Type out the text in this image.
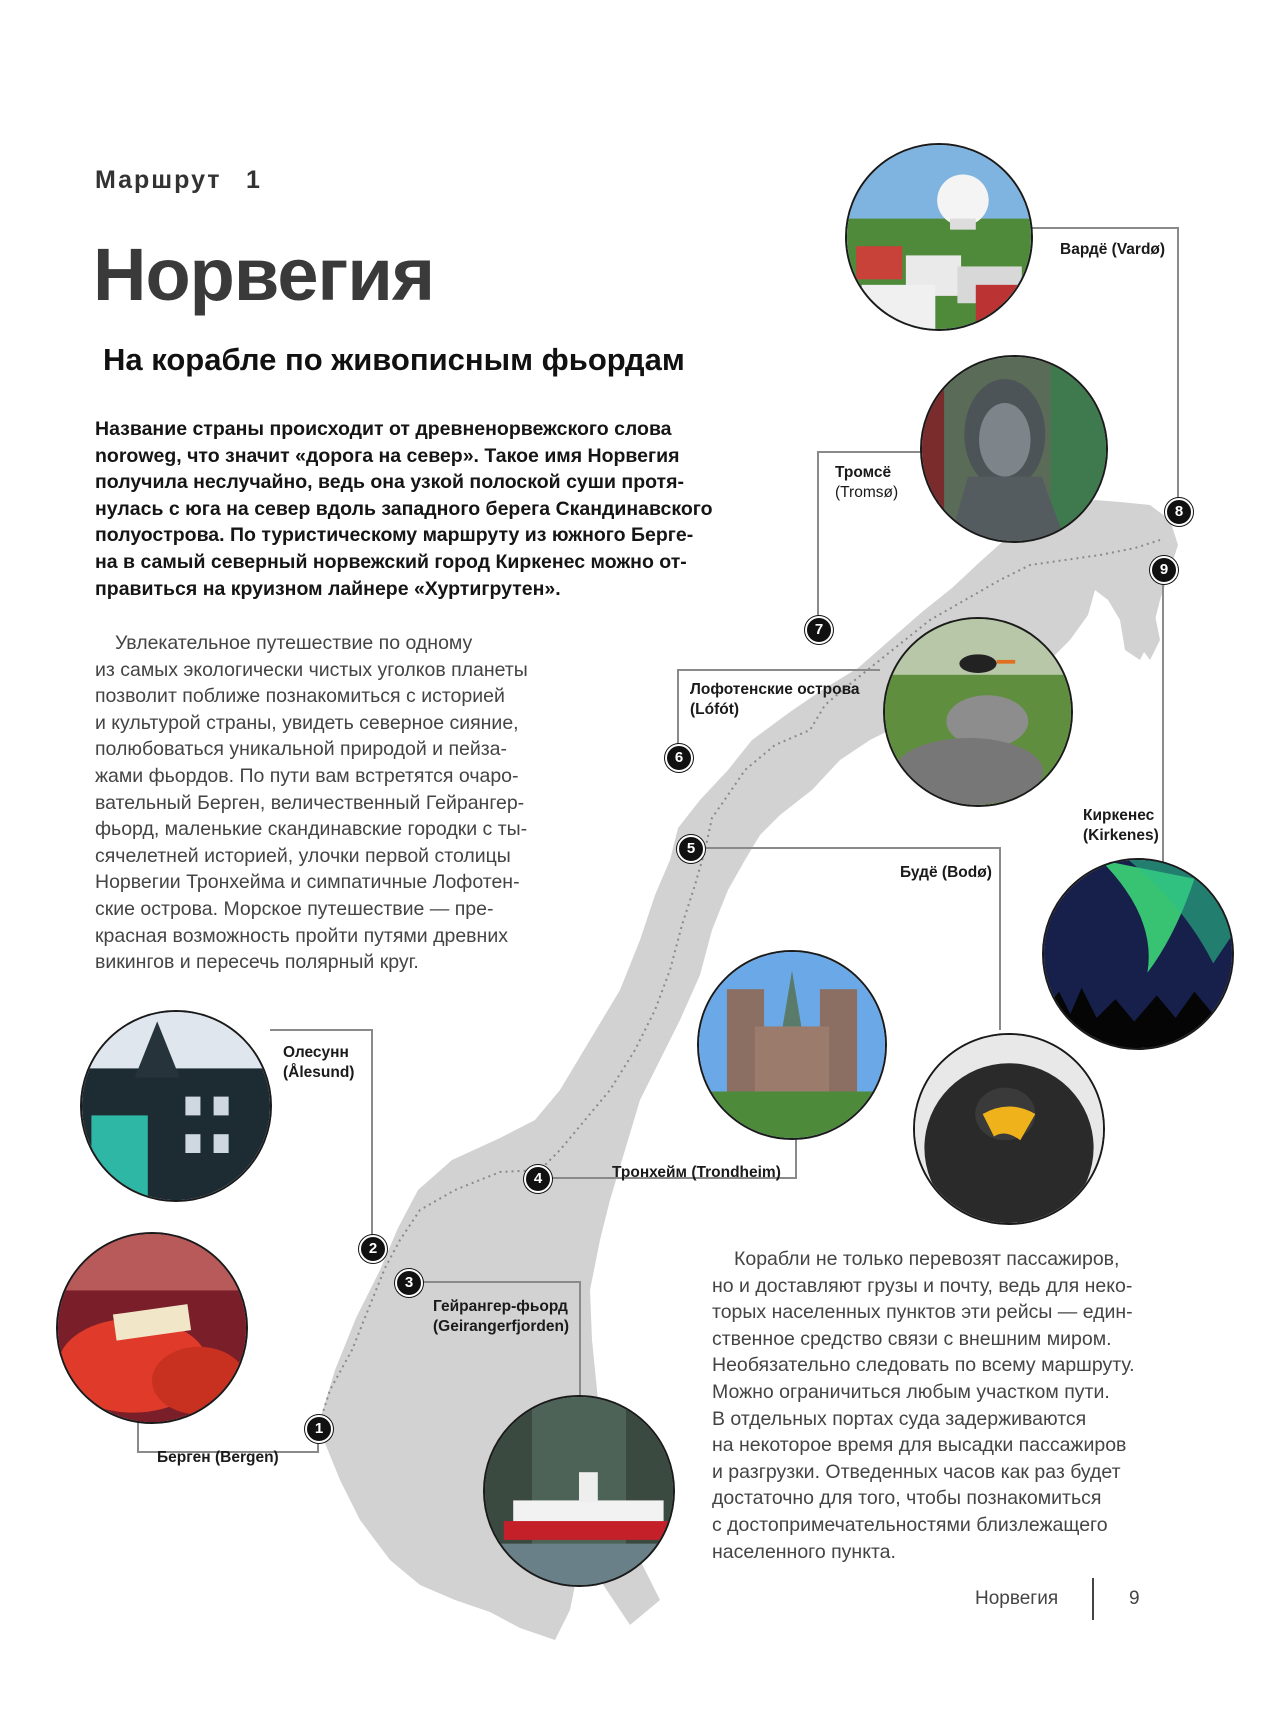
Маршрут 1
Норвегия
На корабле по живописным фьордам
Название страны происходит от древненорвежского слова
noroweg, что значит «дорога на север». Такое имя Норвегия
получила неслучайно, ведь она узкой полоской суши протя-
нулась с юга на север вдоль западного берега Скандинавского
полуострова. По туристическому маршруту из южного Берге-
на в самый северный норвежский город Киркенес можно от-
правиться на круизном лайнере «Хуртигрутен».
Увлекательное путешествие по одному
из самых экологически чистых уголков планеты
позволит поближе познакомиться с историей
и культурой страны, увидеть северное сияние,
полюбоваться уникальной природой и пейза-
жами фьордов. По пути вам встретятся очаро-
вательный Берген, величественный Гейрангер-
фьорд, маленькие скандинавские городки с ты-
сячелетней историей, улочки первой столицы
Норвегии Тронхейма и симпатичные Лофотен-
ские острова. Морское путешествие — пре-
красная возможность пройти путями древних
викингов и пересечь полярный круг.
Корабли не только перевозят пассажиров,
но и доставляют грузы и почту, ведь для неко-
торых населенных пунктов эти рейсы — един-
ственное средство связи с внешним миром.
Необязательно следовать по всему маршруту.
Можно ограничиться любым участком пути.
В отдельных портах суда задерживаются
на некоторое время для высадки пассажиров
и разгрузки. Отведенных часов как раз будет
достаточно для того, чтобы познакомиться
с достопримечательностями близлежащего
населенного пункта.
Вардё (Vardø)
Тромсё
(Tromsø)
Лофотенские острова
(Lófót)
Киркенес
(Kirkenes)
Будё (Bodø)
Олесунн
(Ålesund)
Тронхейм (Trondheim)
Гейрангер-фьорд
(Geirangerfjorden)
Берген (Bergen)
1
2
3
4
5
6
7
8
9
Норвегия	9
